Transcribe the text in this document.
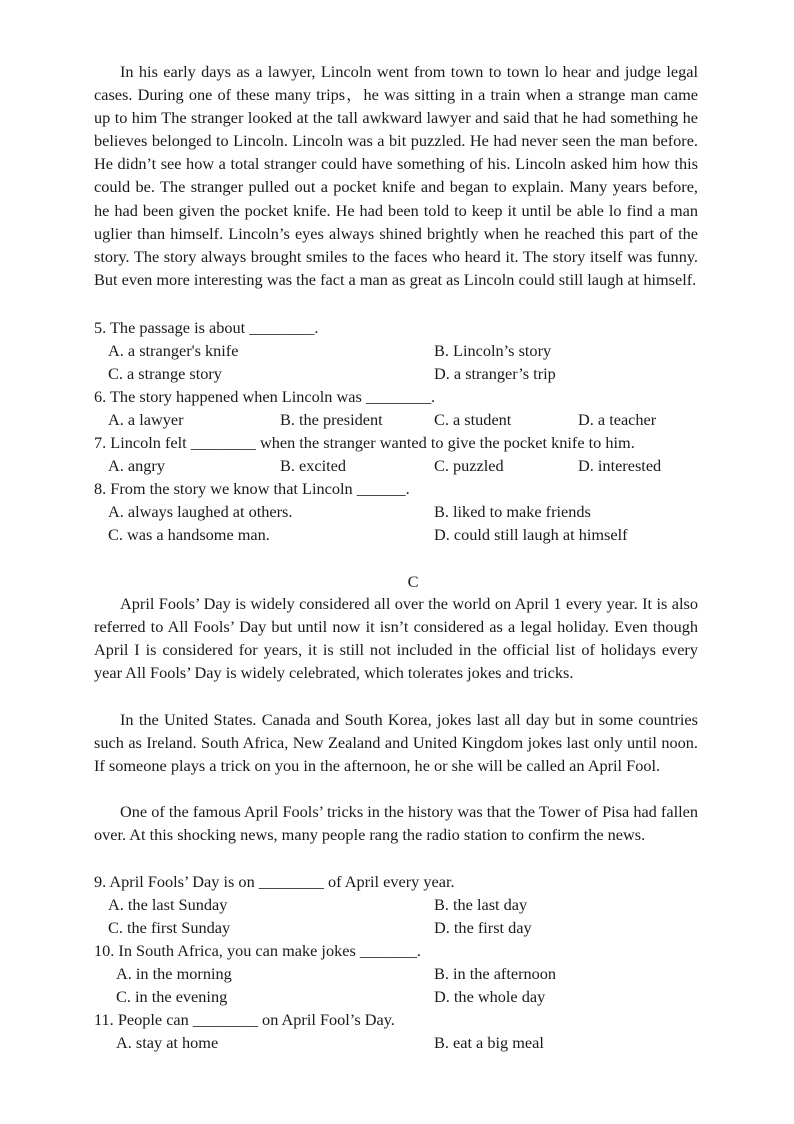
In his early days as a lawyer, Lincoln went from town to town lo hear and judge legal cases. During one of these many trips，he was sitting in a train when a strange man came up to him The stranger looked at the tall awkward lawyer and said that he had something he believes belonged to Lincoln. Lincoln was a bit puzzled. He had never seen the man before. He didn’t see how a total stranger could have something of his. Lincoln asked him how this could be. The stranger pulled out a pocket knife and began to explain. Many years before, he had been given the pocket knife. He had been told to keep it until be able lo find a man uglier than himself. Lincoln’s eyes always shined brightly when he reached this part of the story. The story always brought smiles to the faces who heard it. The story itself was funny. But even more interesting was the fact a man as great as Lincoln could still laugh at himself.

5. The passage is about ________.
A. a stranger's knife	B. Lincoln’s story
C. a strange story	D. a stranger’s trip
6. The story happened when Lincoln was ________.
A. a lawyer	B. the president	C. a student	D. a teacher
7. Lincoln felt ________ when the stranger wanted to give the pocket knife to him.
A. angry	B. excited	C. puzzled	D. interested
8. From the story we know that Lincoln ______.
A. always laughed at others.	B. liked to make friends
C. was a handsome man.	D. could still laugh at himself
C

April Fools’ Day is widely considered all over the world on April 1 every year. It is also referred to All Fools’ Day but until now it isn’t considered as a legal holiday. Even though April I is considered for years, it is still not included in the official list of holidays every year All Fools’ Day is widely celebrated, which tolerates jokes and tricks.

In the United States. Canada and South Korea, jokes last all day but in some countries such as Ireland. South Africa, New Zealand and United Kingdom jokes last only until noon. If someone plays a trick on you in the afternoon, he or she will be called an April Fool.

One of the famous April Fools’ tricks in the history was that the Tower of Pisa had fallen over. At this shocking news, many people rang the radio station to confirm the news.

9. April Fools’ Day is on ________ of April every year.
A. the last Sunday	B. the last day
C. the first Sunday	D. the first day
10. In South Africa, you can make jokes _______.
A. in the morning	B. in the afternoon
C. in the evening	D. the whole day
11. People can ________ on April Fool’s Day.
A. stay at home	B. eat a big meal
